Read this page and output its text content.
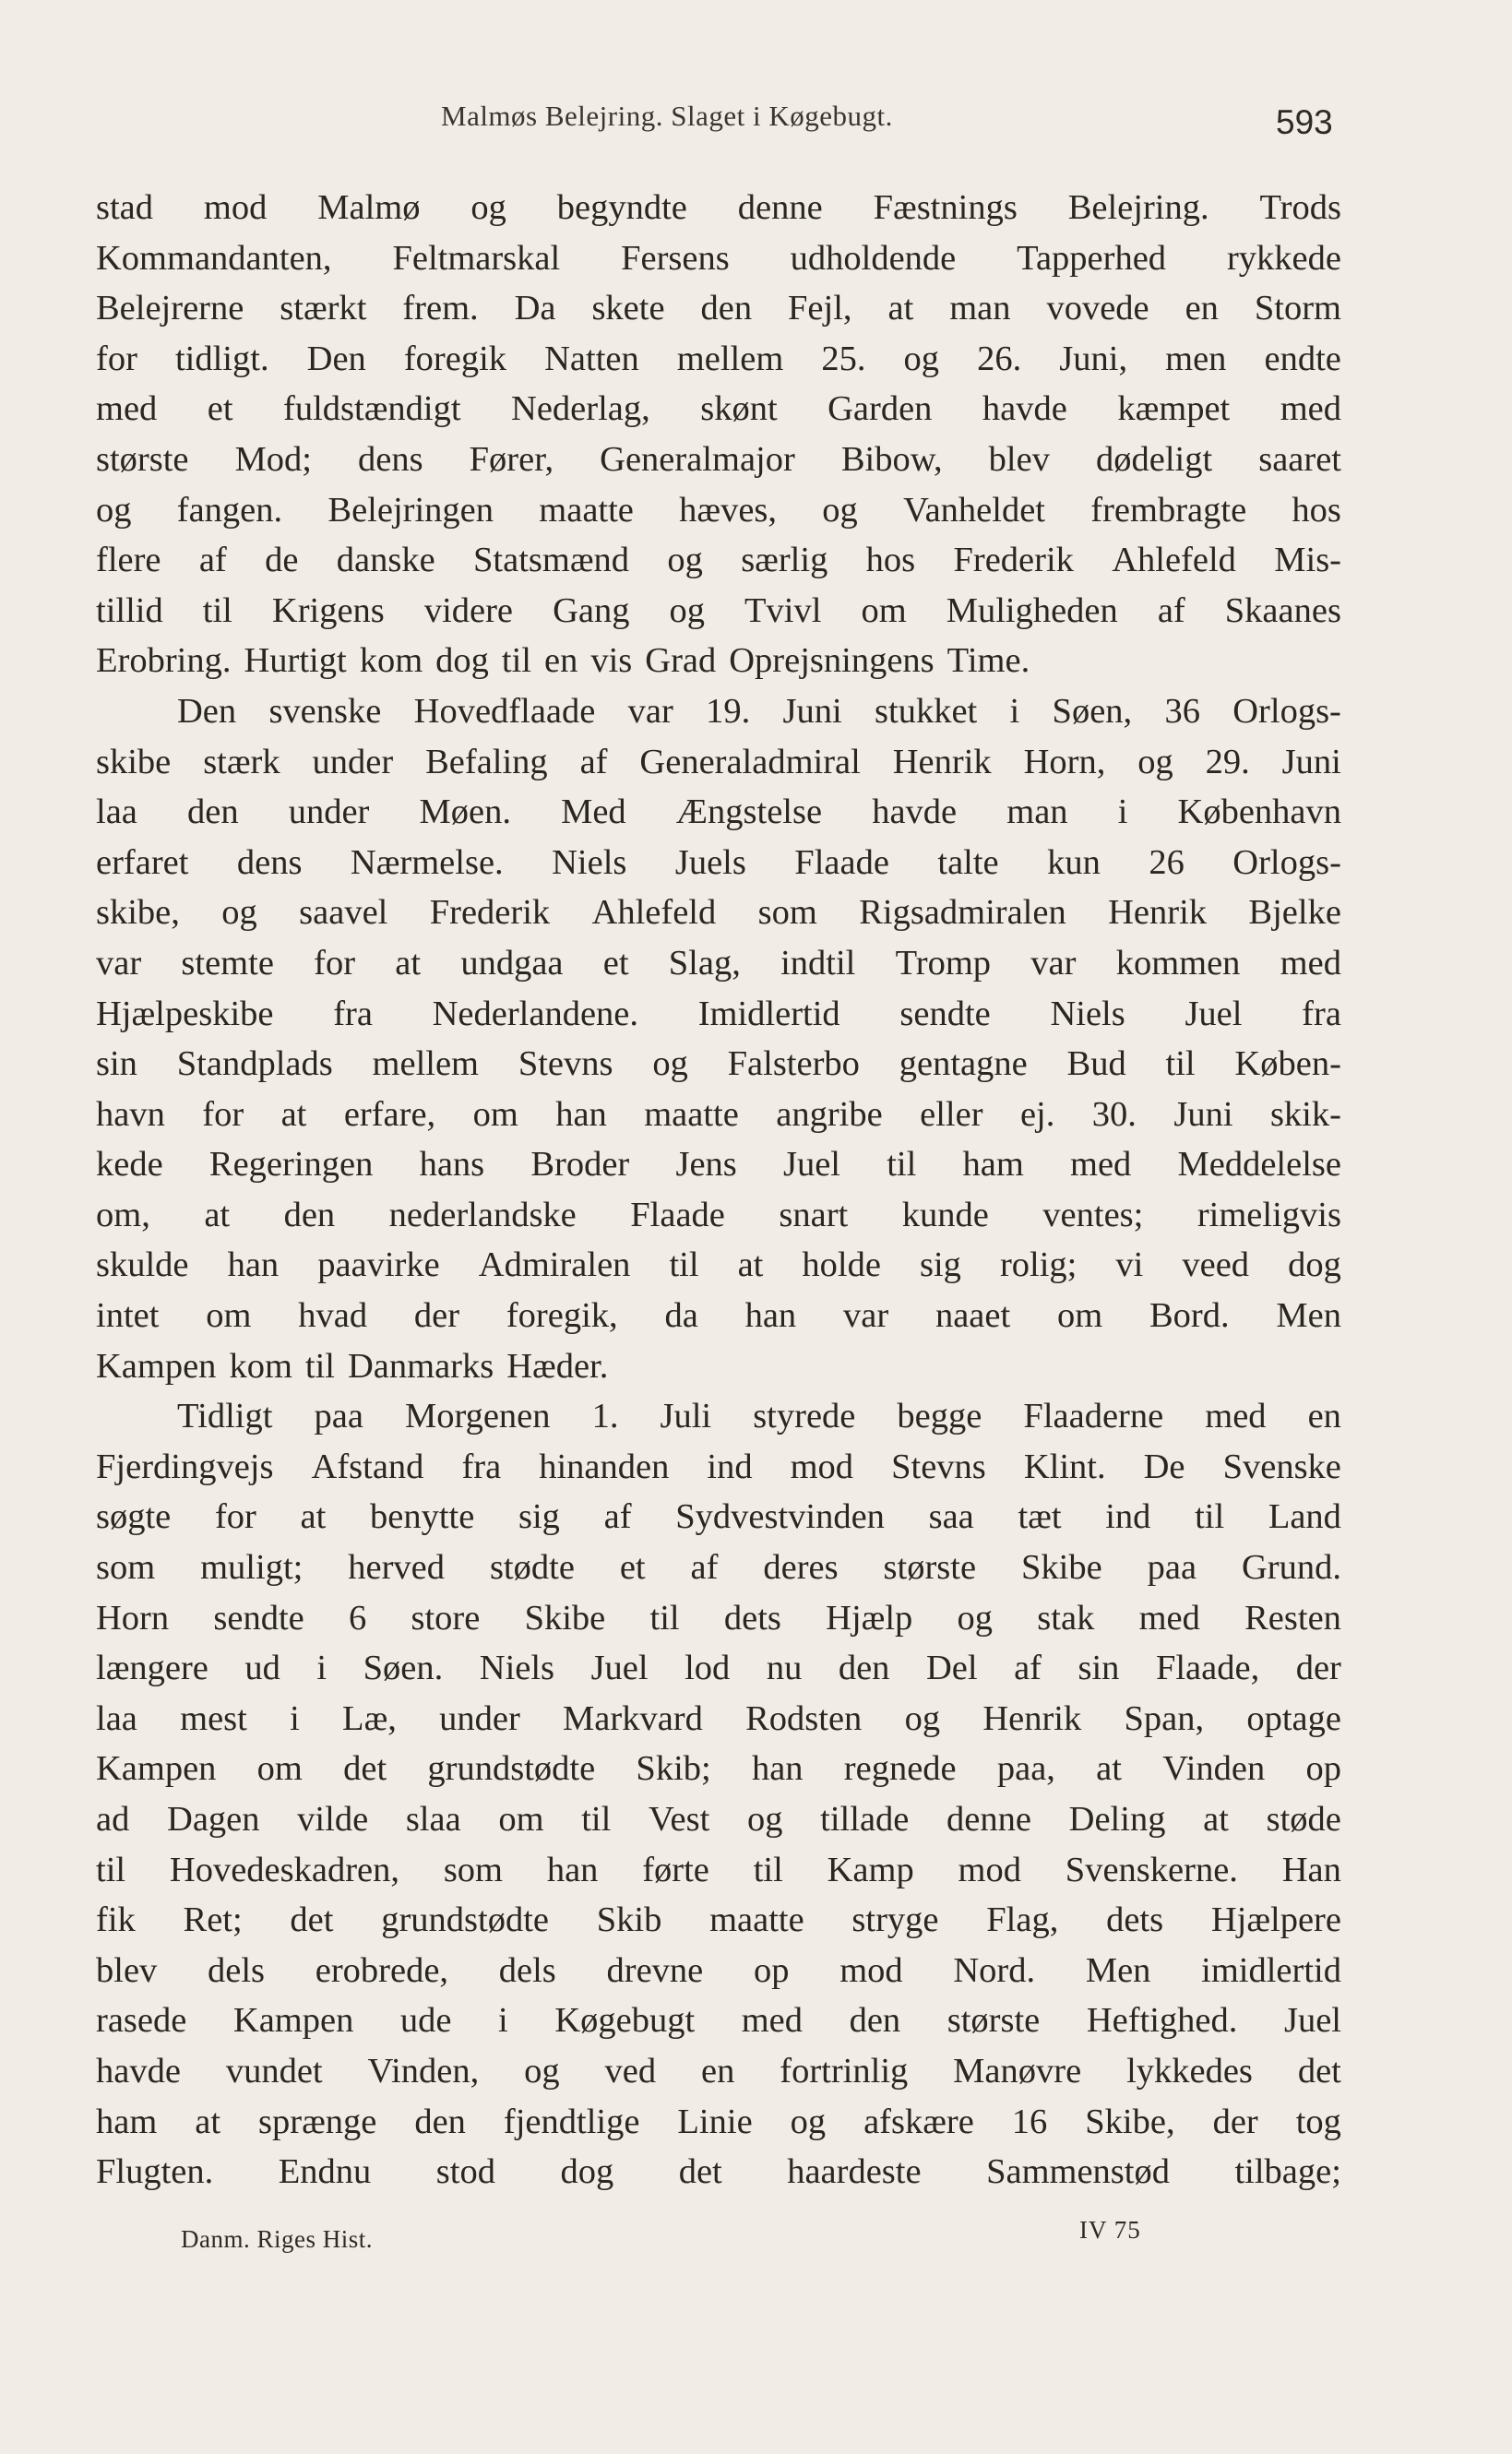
Malmøs Belejring. Slaget i Køgebugt.	593
stad mod Malmø og begyndte denne Fæstnings Belejring. Trods
Kommandanten, Feltmarskal Fersens udholdende Tapperhed rykkede
Belejrerne stærkt frem. Da skete den Fejl, at man vovede en Storm
for tidligt. Den foregik Natten mellem 25. og 26. Juni, men endte
med et fuldstændigt Nederlag, skønt Garden havde kæmpet med
største Mod; dens Fører, Generalmajor Bibow, blev dødeligt saaret
og fangen. Belejringen maatte hæves, og Vanheldet frembragte hos
flere af de danske Statsmænd og særlig hos Frederik Ahlefeld Mis-
tillid til Krigens videre Gang og Tvivl om Muligheden af Skaanes
Erobring. Hurtigt kom dog til en vis Grad Oprejsningens Time.
Den svenske Hovedflaade var 19. Juni stukket i Søen, 36 Orlogs-
skibe stærk under Befaling af Generaladmiral Henrik Horn, og 29. Juni
laa den under Møen. Med Ængstelse havde man i København
erfaret dens Nærmelse. Niels Juels Flaade talte kun 26 Orlogs-
skibe, og saavel Frederik Ahlefeld som Rigsadmiralen Henrik Bjelke
var stemte for at undgaa et Slag, indtil Tromp var kommen med
Hjælpeskibe fra Nederlandene. Imidlertid sendte Niels Juel fra
sin Standplads mellem Stevns og Falsterbo gentagne Bud til Køben-
havn for at erfare, om han maatte angribe eller ej. 30. Juni skik-
kede Regeringen hans Broder Jens Juel til ham med Meddelelse
om, at den nederlandske Flaade snart kunde ventes; rimeligvis
skulde han paavirke Admiralen til at holde sig rolig; vi veed dog
intet om hvad der foregik, da han var naaet om Bord. Men
Kampen kom til Danmarks Hæder.
Tidligt paa Morgenen 1. Juli styrede begge Flaaderne med en
Fjerdingvejs Afstand fra hinanden ind mod Stevns Klint. De Svenske
søgte for at benytte sig af Sydvestvinden saa tæt ind til Land
som muligt; herved stødte et af deres største Skibe paa Grund.
Horn sendte 6 store Skibe til dets Hjælp og stak med Resten
længere ud i Søen. Niels Juel lod nu den Del af sin Flaade, der
laa mest i Læ, under Markvard Rodsten og Henrik Span, optage
Kampen om det grundstødte Skib; han regnede paa, at Vinden op
ad Dagen vilde slaa om til Vest og tillade denne Deling at støde
til Hovedeskadren, som han førte til Kamp mod Svenskerne. Han
fik Ret; det grundstødte Skib maatte stryge Flag, dets Hjælpere
blev dels erobrede, dels drevne op mod Nord. Men imidlertid
rasede Kampen ude i Køgebugt med den største Heftighed. Juel
havde vundet Vinden, og ved en fortrinlig Manøvre lykkedes det
ham at sprænge den fjendtlige Linie og afskære 16 Skibe, der tog
Flugten. Endnu stod dog det haardeste Sammenstød tilbage;
Danm. Riges Hist.	IV 75
